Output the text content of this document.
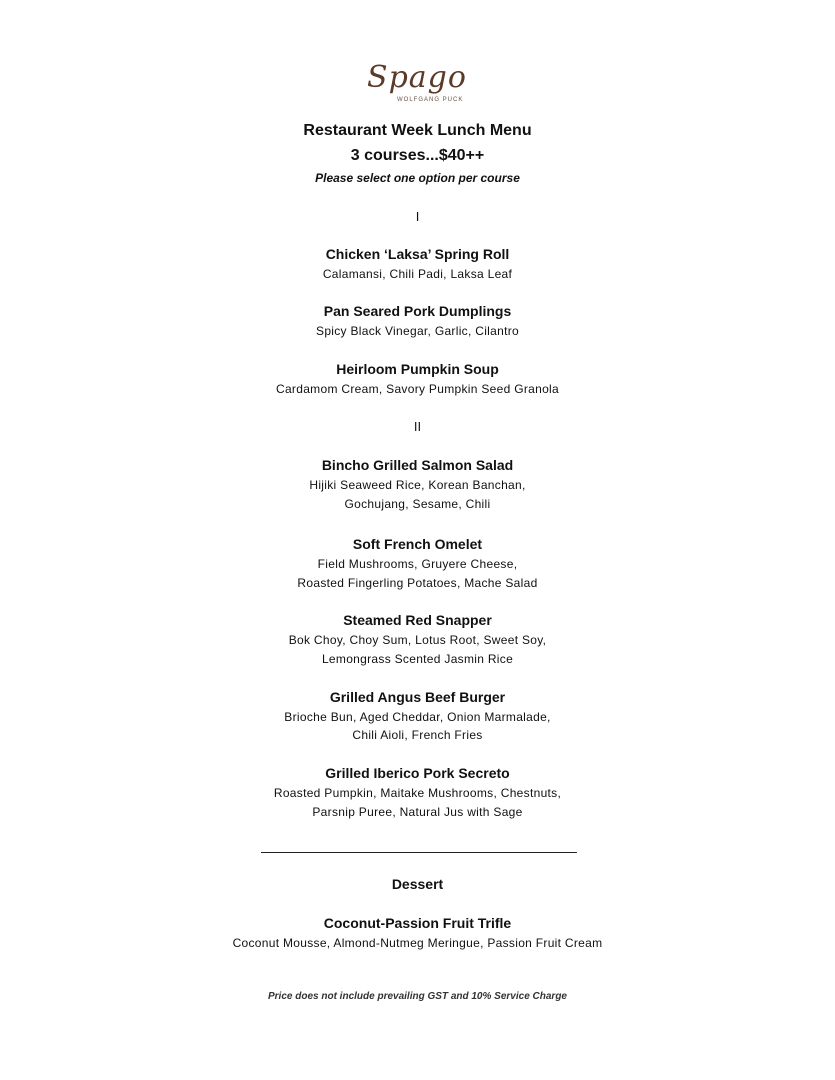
Spago
WOLFGANG PUCK
Restaurant Week Lunch Menu
3 courses...$40++
Please select one option per course
I
Chicken ‘Laksa’ Spring Roll
Calamansi, Chili Padi, Laksa Leaf
Pan Seared Pork Dumplings
Spicy Black Vinegar, Garlic, Cilantro
Heirloom Pumpkin Soup
Cardamom Cream, Savory Pumpkin Seed Granola
II
Bincho Grilled Salmon Salad
Hijiki Seaweed Rice, Korean Banchan,
Gochujang, Sesame, Chili
Soft French Omelet
Field Mushrooms, Gruyere Cheese,
Roasted Fingerling Potatoes, Mache Salad
Steamed Red Snapper
Bok Choy, Choy Sum, Lotus Root, Sweet Soy,
Lemongrass Scented Jasmin Rice
Grilled Angus Beef Burger
Brioche Bun, Aged Cheddar, Onion Marmalade,
Chili Aioli, French Fries
Grilled Iberico Pork Secreto
Roasted Pumpkin, Maitake Mushrooms, Chestnuts,
Parsnip Puree, Natural Jus with Sage
Dessert
Coconut-Passion Fruit Trifle
Coconut Mousse, Almond-Nutmeg Meringue, Passion Fruit Cream
Price does not include prevailing GST and 10% Service Charge
